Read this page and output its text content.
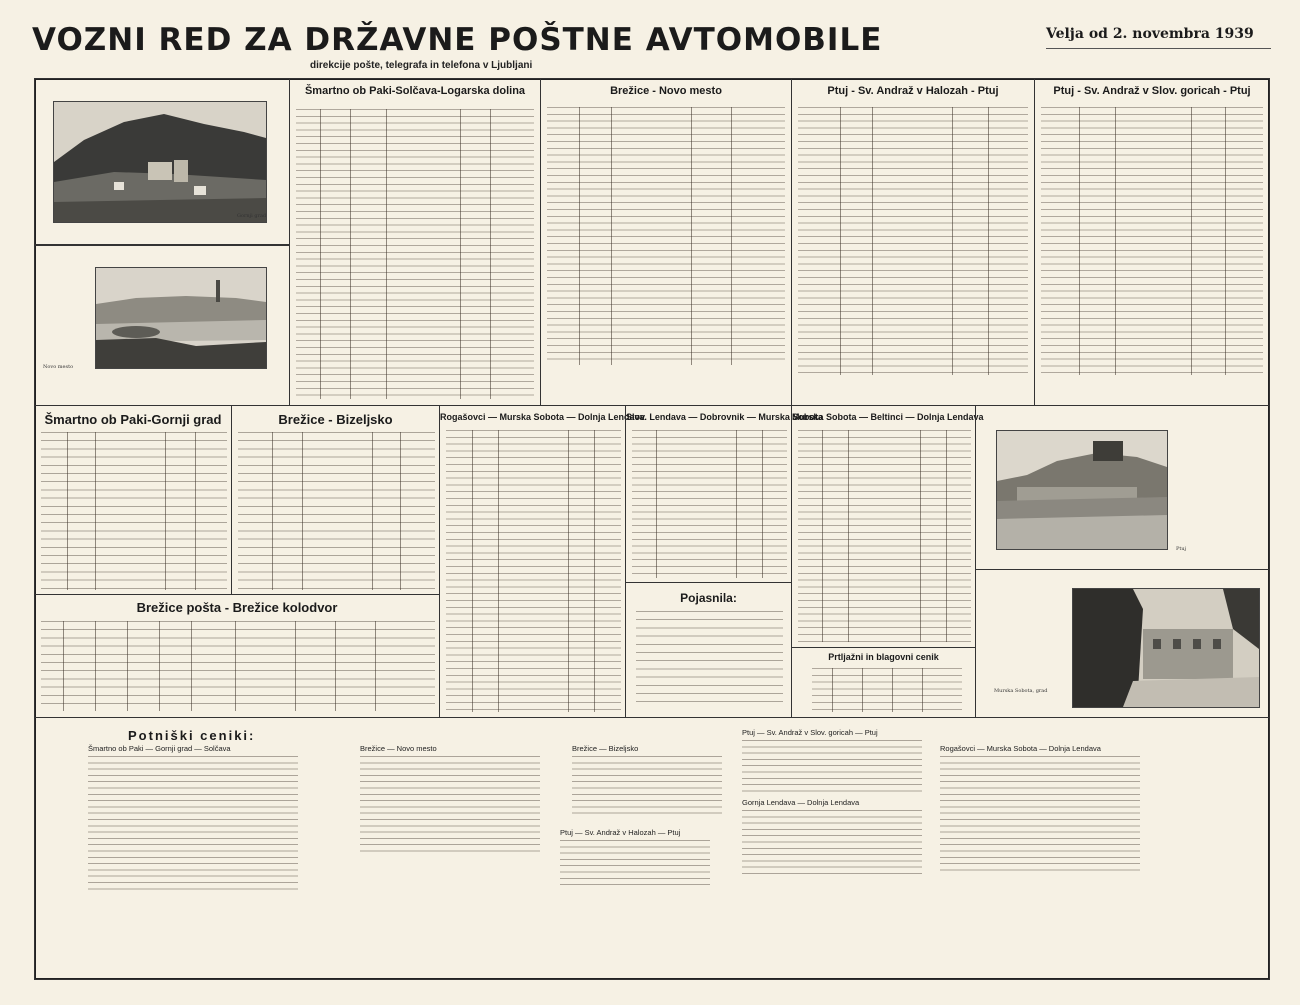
VOZNI RED ZA DRŽAVNE POŠTNE AVTOMOBILE
direkcije pošte, telegrafa in telefona v Ljubljani
Velja od 2. novembra 1939
Gornji grad
Novo mesto
Šmartno ob Paki-Solčava-Logarska dolina	Brežice - Novo mesto	Ptuj - Sv. Andraž v Halozah - Ptuj	Ptuj - Sv. Andraž v Slov. goricah - Ptuj
Šmartno ob Paki-Gornji grad	Brežice - Bizeljsko	Rogašovci — Murska Sobota — Dolnja Lendava
Slov. Lendava — Dobrovnik — Murska Sobota
Pojasnila:
Murska Sobota — Beltinci — Dolnja Lendava
Prtljažni in blagovni cenik
Ptuj
Murska Sobota, grad
Brežice pošta - Brežice kolodvor
Potniški ceniki:
Šmartno ob Paki — Gornji grad — Solčava	Brežice — Novo mesto	Brežice — Bizeljsko
Ptuj — Sv. Andraž v Halozah — Ptuj
Ptuj — Sv. Andraž v Slov. goricah — Ptuj
Gornja Lendava — Dolnja Lendava
Rogašovci — Murska Sobota — Dolnja Lendava
